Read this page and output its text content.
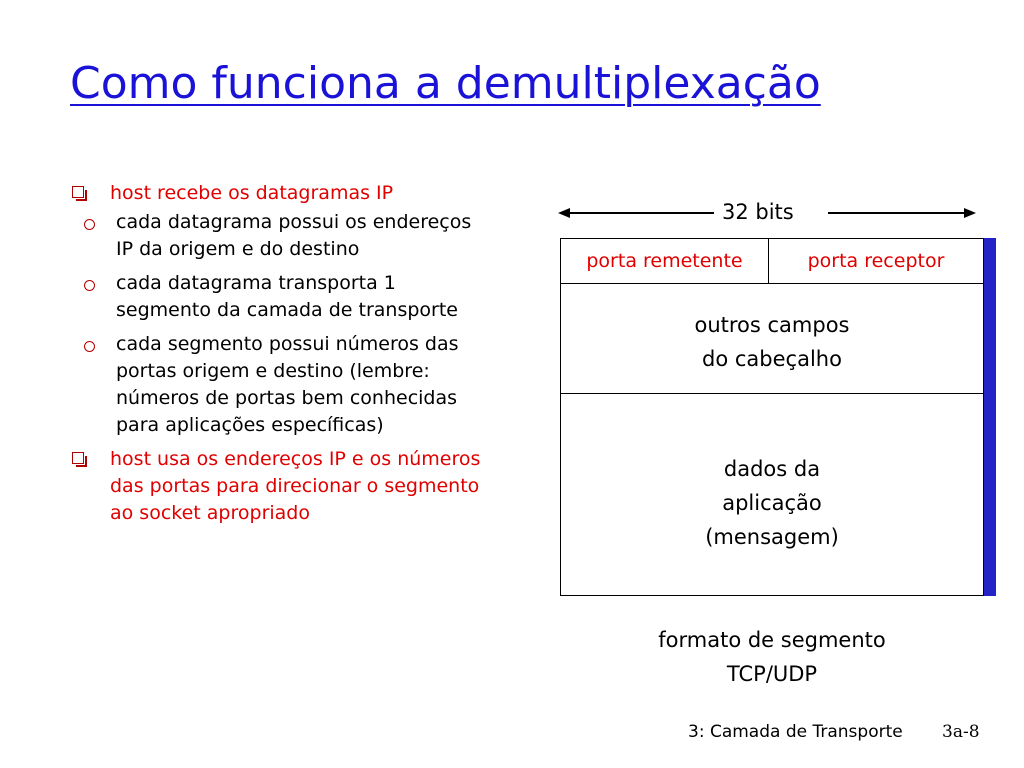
Como funciona a demultiplexação
host recebe os datagramas IP
cada datagrama possui os endereços IP da origem e do destino
cada datagrama transporta 1 segmento da camada de transporte
cada segmento possui números das portas origem e destino (lembre: números de portas bem conhecidas para aplicações específicas)
host usa os endereços IP e os números das portas para direcionar o segmento ao socket apropriado
32 bits
porta remetente	porta receptor
outros campos
do cabeçalho
dados da
aplicação
(mensagem)
formato de segmento
TCP/UDP
3: Camada de Transporte 3a-8
